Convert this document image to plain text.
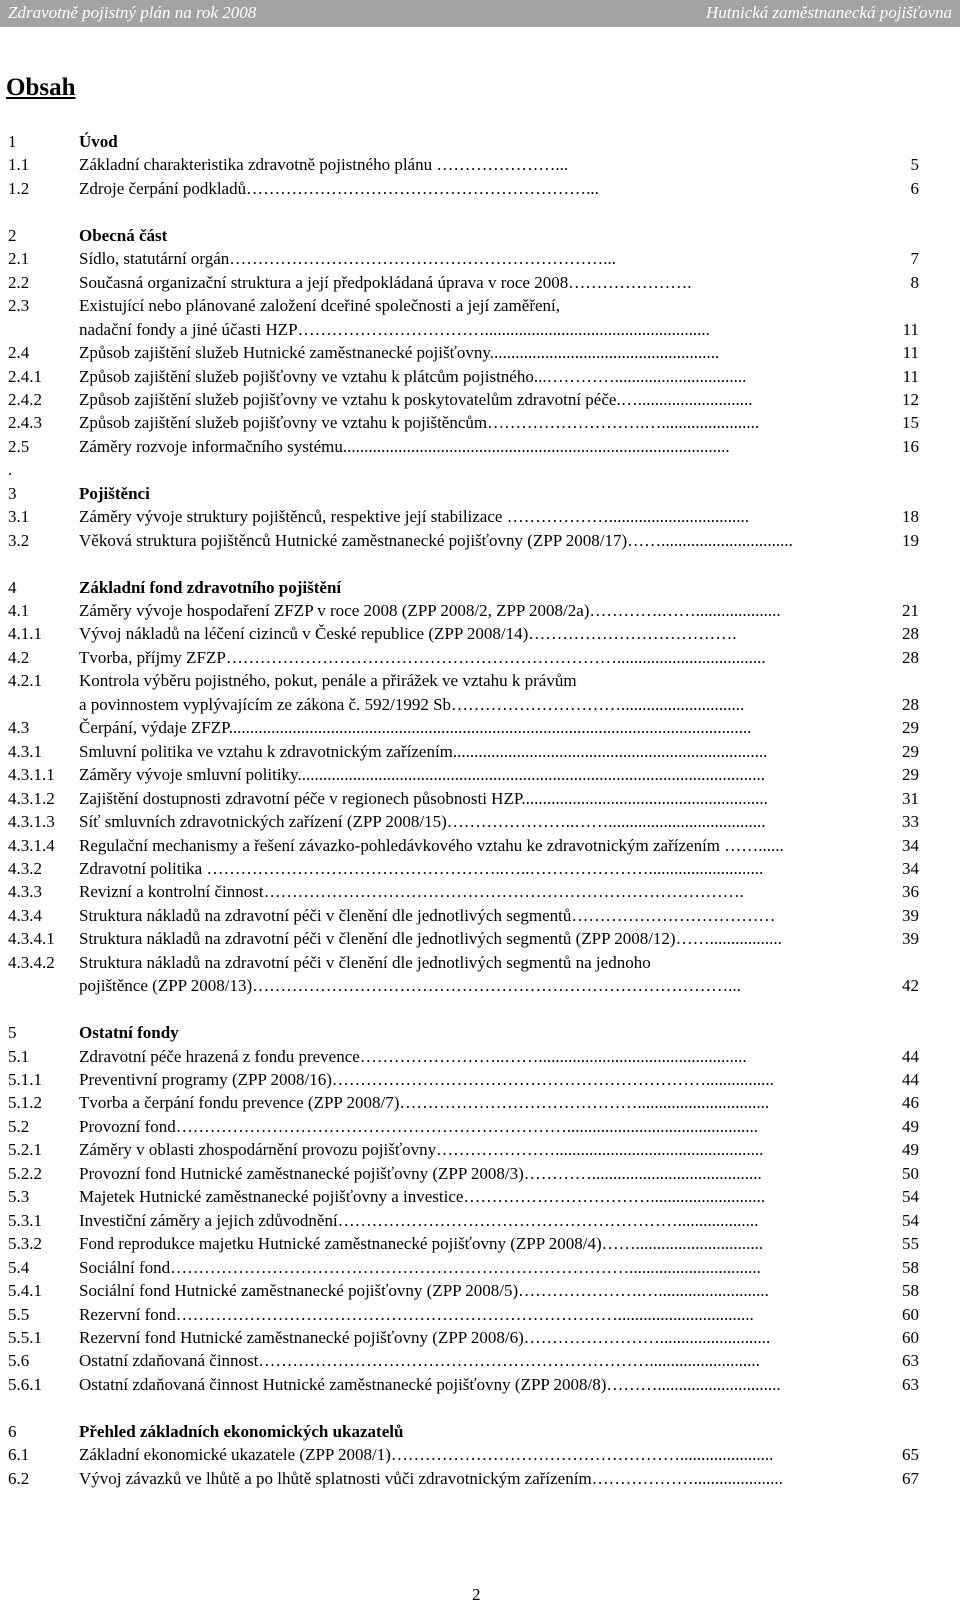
Zdravotně pojistný plán na rok 2008	Hutnická zaměstnanecká pojišťovna
Obsah
1	Úvod
1.1	Základní charakteristika zdravotně pojistného plánu …………………...	5
1.2	Zdroje čerpání podkladů……………………………………………………...	6
2	Obecná část
2.1	Sídlo, statutární orgán…………………………………………………………...	7
2.2	Současná organizační struktura a její předpokládaná úprava v roce 2008………………….	8
2.3	Existující nebo plánované založení dceřiné společnosti a její zaměření,
nadační fondy a jiné účasti HZP…………………………….....................................................	11
2.4	Způsob zajištění služeb Hutnické zaměstnanecké pojišťovny......................................................	11
2.4.1 Způsob zajištění služeb pojišťovny ve vztahu k plátcům pojistného...…………...............................	11
2.4.2 Způsob zajištění služeb pojišťovny ve vztahu k poskytovatelům zdravotní péče.…...........................	12
2.4.3 Způsob zajištění služeb pojišťovny ve vztahu k pojištěncům……………………….….......................	15
2.5	Záměry rozvoje informačního systému...........................................................................................	16
.
3	Pojištěnci
3.1	Záměry vývoje struktury pojištěnců, respektive její stabilizace ……………….................................	18
3.2	Věková struktura pojištěnců Hutnické zaměstnanecké pojišťovny (ZPP 2008/17)……...............................	19
4	Základní fond zdravotního pojištění
4.1	Záměry vývoje hospodaření ZFZP v roce 2008 (ZPP 2008/2, ZPP 2008/2a)………….……....................	21
4.1.1 Vývoj nákladů na léčení cizinců v České republice (ZPP 2008/14)……………………………….	28
4.2	Tvorba, příjmy ZFZP……………………………………………………………...................................	28
4.2.1 Kontrola výběru pojistného, pokut, penále a přirážek ve vztahu k právům
a povinnostem vyplývajícím ze zákona č. 592/1992 Sb………………………….............................	28
4.3	Čerpání, výdaje ZFZP...........................................................................................................................	29
4.3.1 Smluvní politika ve vztahu k zdravotnickým zařízením..........................................................................	29
4.3.1.1 Záměry vývoje smluvní politiky..............................................................................................................	29
4.3.1.2 Zajištění dostupnosti zdravotní péče v regionech působnosti HZP..........................................................	31
4.3.1.3 Síť smluvních zdravotnických zařízení (ZPP 2008/15)…………………..…….....................................	33
4.3.1.4 Regulační mechanismy a řešení závazko-pohledávkového vztahu ke zdravotnickým zařízením ……......	34
4.3.2 Zdravotní politika ……………………………………………..…..…………………...........................	34
4.3.3 Revizní a kontrolní činnost………………………………………………………………………….	36
4.3.4 Struktura nákladů na zdravotní péči v členění dle jednotlivých segmentů………………………………	39
4.3.4.1 Struktura nákladů na zdravotní péči v členění dle jednotlivých segmentů (ZPP 2008/12)…….................	39
4.3.4.2 Struktura nákladů na zdravotní péči v členění dle jednotlivých segmentů na jednoho
pojištěnce (ZPP 2008/13)…………………………………………………………………………...	42
5	Ostatní fondy
5.1	Zdravotní péče hrazená z fondu prevence……………………..…….................................................	44
5.1.1 Preventivní programy (ZPP 2008/16)…………………………………………………………................	44
5.1.2 Tvorba a čerpání fondu prevence (ZPP 2008/7)……………………………………...............................	46
5.2	Provozní fond…………………………………………………………….............................................	49
5.2.1 Záměry v oblasti zhospodárnění provozu pojišťovny………………….................................................	49
5.2.2 Provozní fond Hutnické zaměstnanecké pojišťovny (ZPP 2008/3)…………........................................	50
5.3	Majetek Hutnické zaměstnanecké pojišťovny a investice……………………………...........................	54
5.3.1 Investiční záměry a jejich zdůvodnění……………………………………………………...................	54
5.3.2 Fond reprodukce majetku Hutnické zaměstnanecké pojišťovny (ZPP 2008/4)……..............................	55
5.4	Sociální fond………………………………………………………………………...............................	58
5.4.1 Sociální fond Hutnické zaměstnanecké pojišťovny (ZPP 2008/5)………………….…..........................	58
5.5	Rezervní fond……………………………………………………………………................................	60
5.5.1 Rezervní fond Hutnické zaměstnanecké pojišťovny (ZPP 2008/6)……………………..........................	60
5.6	Ostatní zdaňovaná činnost……………………………………………………………..........................	63
5.6.1 Ostatní zdaňovaná činnost Hutnické zaměstnanecké pojišťovny (ZPP 2008/8)……….............................	63
6	Přehled základních ekonomických ukazatelů
6.1	Základní ekonomické ukazatele (ZPP 2008/1)……………………………………………......................	65
6.2	Vývoj závazků ve lhůtě a po lhůtě splatnosti vůči zdravotnickým zařízením……………….....................	67
2
